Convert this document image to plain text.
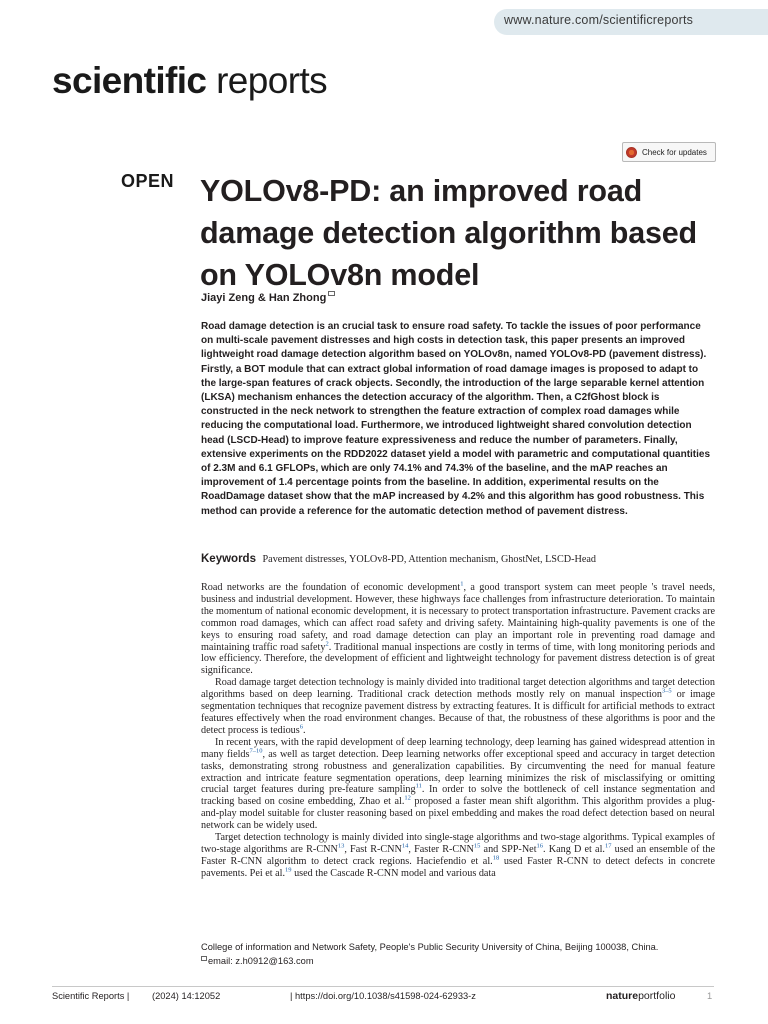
www.nature.com/scientificreports
scientific reports
Check for updates
OPEN YOLOv8-PD: an improved road damage detection algorithm based on YOLOv8n model
Jiayi Zeng & Han Zhong

Road damage detection is an crucial task to ensure road safety. To tackle the issues of poor performance on multi-scale pavement distresses and high costs in detection task, this paper presents an improved lightweight road damage detection algorithm based on YOLOv8n, named YOLOv8-PD (pavement distress). Firstly, a BOT module that can extract global information of road damage images is proposed to adapt to the large-span features of crack objects. Secondly, the introduction of the large separable kernel attention (LKSA) mechanism enhances the detection accuracy of the algorithm. Then, a C2fGhost block is constructed in the neck network to strengthen the feature extraction of complex road damages while reducing the computational load. Furthermore, we introduced lightweight shared convolution detection head (LSCD-Head) to improve feature expressiveness and reduce the number of parameters. Finally, extensive experiments on the RDD2022 dataset yield a model with parametric and computational quantities of 2.3M and 6.1 GFLOPs, which are only 74.1% and 74.3% of the baseline, and the mAP reaches an improvement of 1.4 percentage points from the baseline. In addition, experimental results on the RoadDamage dataset show that the mAP increased by 4.2% and this algorithm has good robustness. This method can provide a reference for the automatic detection method of pavement distress.

Keywords Pavement distresses, YOLOv8-PD, Attention mechanism, GhostNet, LSCD-Head

Road networks are the foundation of economic development$^1$, a good transport system can meet people 's travel needs, business and industrial development. However, these highways face challenges from infrastructure deterioration. To maintain the momentum of national economic development, it is necessary to protect transportation infrastructure. Pavement cracks are common road damages, which can affect road safety and driving safety. Maintaining high-quality pavements is one of the keys to ensuring road safety, and road damage detection can play an important role in preventing road damage and maintaining traffic road safety$^2$. Traditional manual inspections are costly in terms of time, with long monitoring periods and low efficiency. Therefore, the development of efficient and lightweight technology for pavement distress detection is of great significance.

Road damage target detection technology is mainly divided into traditional target detection algorithms and target detection algorithms based on deep learning. Traditional crack detection methods mostly rely on manual inspection$^{3-5}$ or image segmentation techniques that recognize pavement distress by extracting features. It is difficult for artificial methods to extract features effectively when the road environment changes. Because of that, the robustness of these algorithms is poor and the detect process is tedious$^6$.

In recent years, with the rapid development of deep learning technology, deep learning has gained widespread attention in many fields$^{7-10}$, as well as target detection. Deep learning networks offer exceptional speed and accuracy in target detection tasks, demonstrating strong robustness and generalization capabilities. By circumventing the need for manual feature extraction and intricate feature segmentation operations, deep learning minimizes the risk of misclassifying or omitting crucial target features during pre-feature sampling$^{11}$. In order to solve the bottleneck of cell instance segmentation and tracking based on cosine embedding, Zhao et al.$^{12}$ proposed a faster mean shift algorithm. This algorithm provides a plug-and-play model suitable for cluster reasoning based on pixel embedding and makes the road defect detection based on neural network can be widely used.

Target detection technology is mainly divided into single-stage algorithms and two-stage algorithms. Typical examples of two-stage algorithms are R-CNN$^{13}$, Fast R-CNN$^{14}$, Faster R-CNN$^{15}$ and SPP-Net$^{16}$. Kang D et al.$^{17}$ used an ensemble of the Faster R-CNN algorithm to detect crack regions. Haciefendio et al.$^{18}$ used Faster R-CNN to detect defects in concrete pavements. Pei et al.$^{19}$ used the Cascade R-CNN model and various data

College of information and Network Safety, People's Public Security University of China, Beijing 100038, China.
email: z.h0912@163.com
Scientific Reports | (2024) 14:12052	| https://doi.org/10.1038/s41598-024-62933-z	natureportfolio	1
